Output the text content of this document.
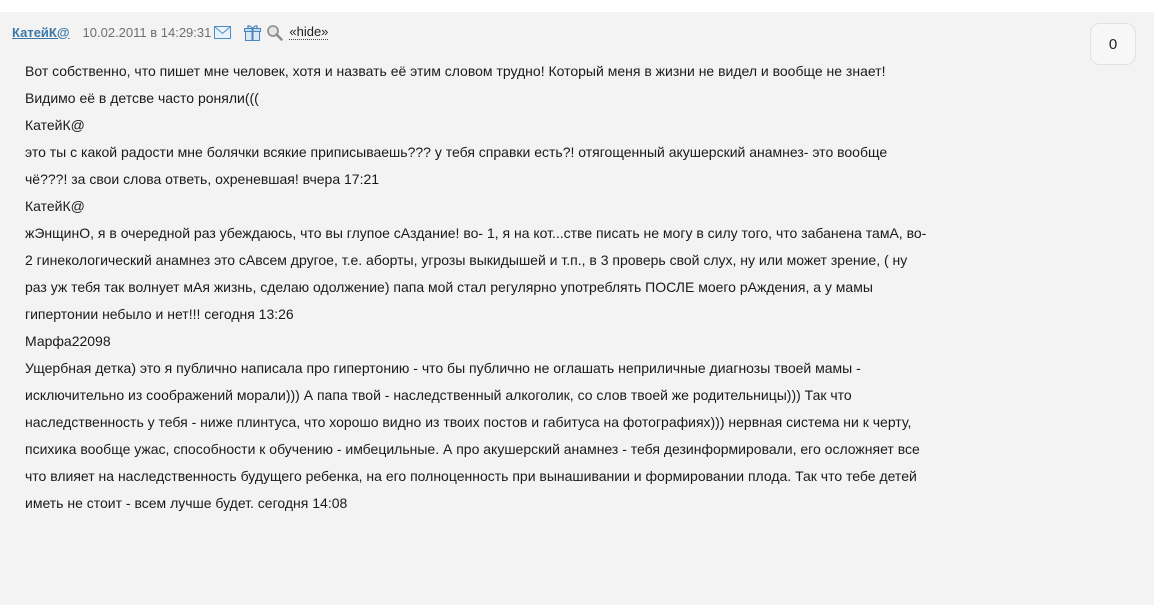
КатейК@ 10.02.2011 в 14:29:31	«hide»
0
Вот собственно, что пишет мне человек, хотя и назвать её этим словом трудно! Который меня в жизни не видел и вообще не знает!
Видимо её в детсве часто роняли(((
КатейК@
это ты с какой радости мне болячки всякие приписываешь??? у тебя справки есть?! отягощенный акушерский анамнез- это вообще
чё???! за свои слова ответь, охреневшая! вчера 17:21
КатейК@
жЭнщинО, я в очередной раз убеждаюсь, что вы глупое сАздание! во- 1, я на кот...стве писать не могу в силу того, что забанена тамА, во-
2 гинекологический анамнез это сАвсем другое, т.е. аборты, угрозы выкидышей и т.п., в 3 проверь свой слух, ну или может зрение, ( ну
раз уж тебя так волнует мАя жизнь, сделаю одолжение) папа мой стал регулярно употреблять ПОСЛЕ моего рАждения, а у мамы
гипертонии небыло и нет!!! сегодня 13:26
Марфа22098
Ущербная детка) это я публично написала про гипертонию - что бы публично не оглашать неприличные диагнозы твоей мамы -
исключительно из соображений морали))) А папа твой - наследственный алкоголик, со слов твоей же родительницы))) Так что
наследственность у тебя - ниже плинтуса, что хорошо видно из твоих постов и габитуса на фотографиях))) нервная система ни к черту,
психика вообще ужас, способности к обучению - имбецильные. А про акушерский анамнез - тебя дезинформировали, его осложняет все
что влияет на наследственность будущего ребенка, на его полноценность при вынашивании и формировании плода. Так что тебе детей
иметь не стоит - всем лучше будет. сегодня 14:08
